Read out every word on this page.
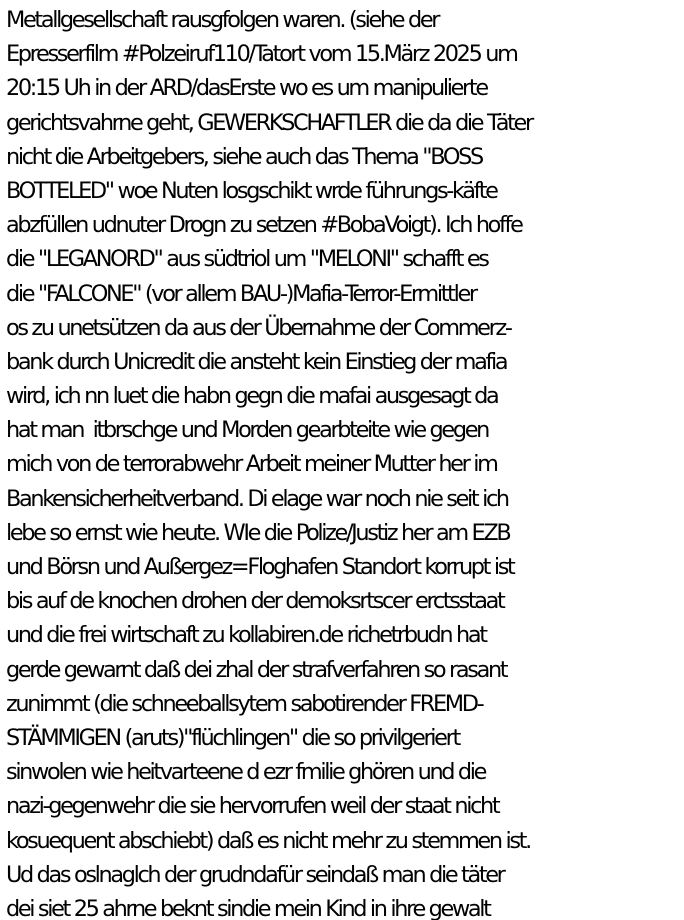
Metallgesellschaft rausgfolgen waren. (siehe der
Epresserfilm #Polzeiruf110/Tatort vom 15.März 2025 um
20:15 Uh in der ARD/dasErste wo es um manipulierte
gerichtsvahrne geht, GEWERKSCHAFTLER die da die Täter
nicht die Arbeitgebers, siehe auch das Thema "BOSS
BOTTELED" woe Nuten losgschikt wrde führungs-käfte
abzfüllen udnuter Drogn zu setzen #BobaVoigt). Ich hoffe
die "LEGANORD" aus südtriol um "MELONI" schafft es
die "FALCONE" (vor allem BAU-)Mafia-Terror-Ermittler
os zu unetsützen da aus der Übernahme der Commerz-
bank durch Unicredit die ansteht kein Einstieg der mafia
wird, ich nn luet die habn gegn die mafai ausgesagt da
hat man  itbrschge und Morden gearbteite wie gegen
mich von de terrorabwehr Arbeit meiner Mutter her im
Bankensicherheitverband. Di elage war noch nie seit ich
lebe so ernst wie heute. WIe die Polize/Justiz her am EZB
und Börsn und Außergez=Floghafen Standort korrupt ist
bis auf de knochen drohen der demoksrtscer erctsstaat
und die frei wirtschaft zu kollabiren.de richetrbudn hat
gerde gewarnt daß dei zhal der strafverfahren so rasant
zunimmt (die schneeballsytem sabotirender FREMD-
STÄMMIGEN (aruts)"flüchlingen" die so privilgeriert
sinwolen wie heitvarteene d ezr fmilie ghören und die
nazi-gegenwehr die sie hervorrufen weil der staat nicht
kosuequent abschiebt) daß es nicht mehr zu stemmen ist.
Ud das oslnaglch der grudndafür seindaß man die täter
dei siet 25 ahrne beknt sindie mein Kind in ihre gewalt
